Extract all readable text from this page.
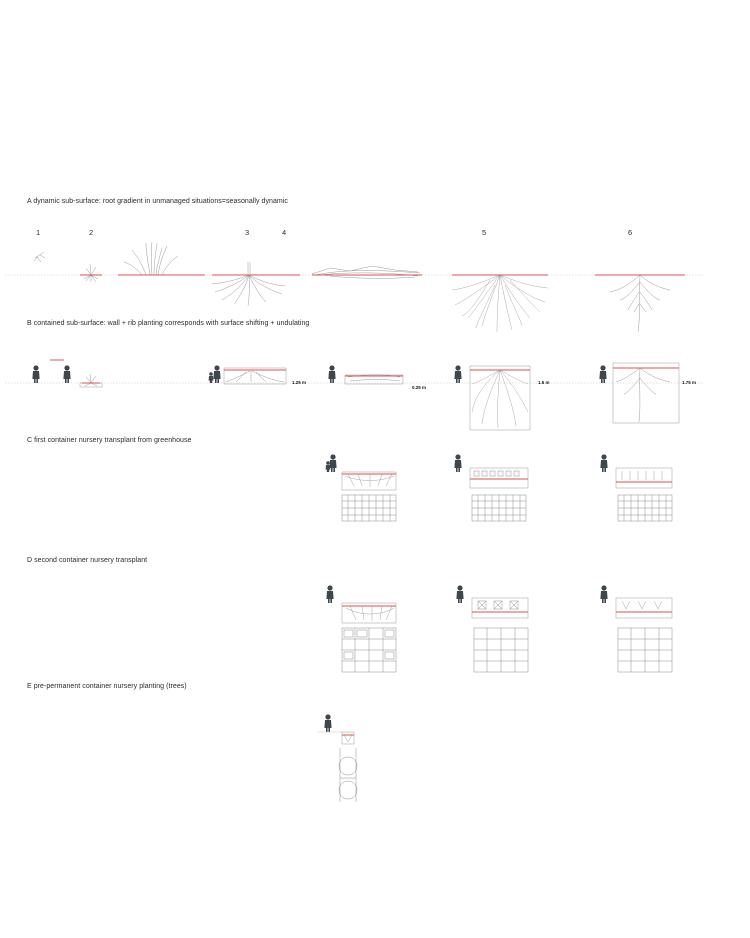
A dynamic sub-surface: root gradient in unmanaged situations=seasonally dynamic
1	2	3	4	5	6
B contained sub-surface: wall + rib planting corresponds with surface shifting + undulating
1.25 m
0.25 m
1.5 m	1.75 m
C first container nursery transplant from greenhouse
D second container nursery transplant
E pre-permanent container nursery planting (trees)
